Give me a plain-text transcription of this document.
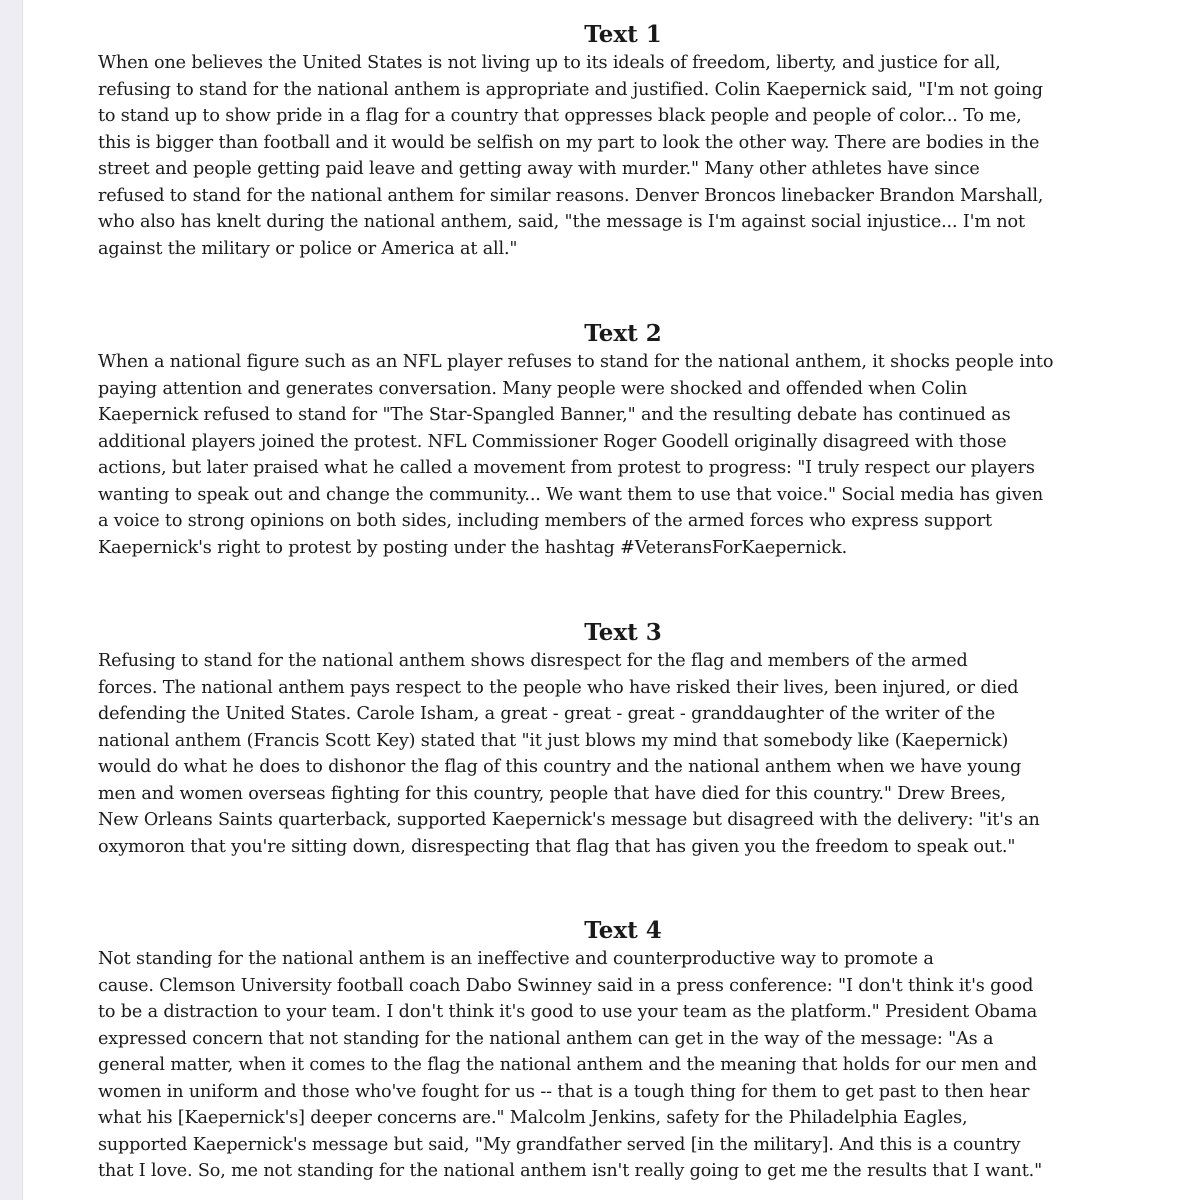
Text 1
When one believes the United States is not living up to its ideals of freedom, liberty, and justice for all,
refusing to stand for the national anthem is appropriate and justified. Colin Kaepernick said, "I'm not going
to stand up to show pride in a flag for a country that oppresses black people and people of color... To me,
this is bigger than football and it would be selfish on my part to look the other way. There are bodies in the
street and people getting paid leave and getting away with murder." Many other athletes have since
refused to stand for the national anthem for similar reasons. Denver Broncos linebacker Brandon Marshall,
who also has knelt during the national anthem, said, "the message is I'm against social injustice... I'm not
against the military or police or America at all."
Text 2
When a national figure such as an NFL player refuses to stand for the national anthem, it shocks people into
paying attention and generates conversation. Many people were shocked and offended when Colin
Kaepernick refused to stand for "The Star-Spangled Banner," and the resulting debate has continued as
additional players joined the protest. NFL Commissioner Roger Goodell originally disagreed with those
actions, but later praised what he called a movement from protest to progress: "I truly respect our players
wanting to speak out and change the community... We want them to use that voice." Social media has given
a voice to strong opinions on both sides, including members of the armed forces who express support
Kaepernick's right to protest by posting under the hashtag #VeteransForKaepernick.
Text 3
Refusing to stand for the national anthem shows disrespect for the flag and members of the armed
forces. The national anthem pays respect to the people who have risked their lives, been injured, or died
defending the United States. Carole Isham, a great - great - great - granddaughter of the writer of the
national anthem (Francis Scott Key) stated that "it just blows my mind that somebody like (Kaepernick)
would do what he does to dishonor the flag of this country and the national anthem when we have young
men and women overseas fighting for this country, people that have died for this country." Drew Brees,
New Orleans Saints quarterback, supported Kaepernick's message but disagreed with the delivery: "it's an
oxymoron that you're sitting down, disrespecting that flag that has given you the freedom to speak out."
Text 4
Not standing for the national anthem is an ineffective and counterproductive way to promote a
cause. Clemson University football coach Dabo Swinney said in a press conference: "I don't think it's good
to be a distraction to your team. I don't think it's good to use your team as the platform." President Obama
expressed concern that not standing for the national anthem can get in the way of the message: "As a
general matter, when it comes to the flag the national anthem and the meaning that holds for our men and
women in uniform and those who've fought for us -- that is a tough thing for them to get past to then hear
what his [Kaepernick's] deeper concerns are." Malcolm Jenkins, safety for the Philadelphia Eagles,
supported Kaepernick's message but said, "My grandfather served [in the military]. And this is a country
that I love. So, me not standing for the national anthem isn't really going to get me the results that I want."
